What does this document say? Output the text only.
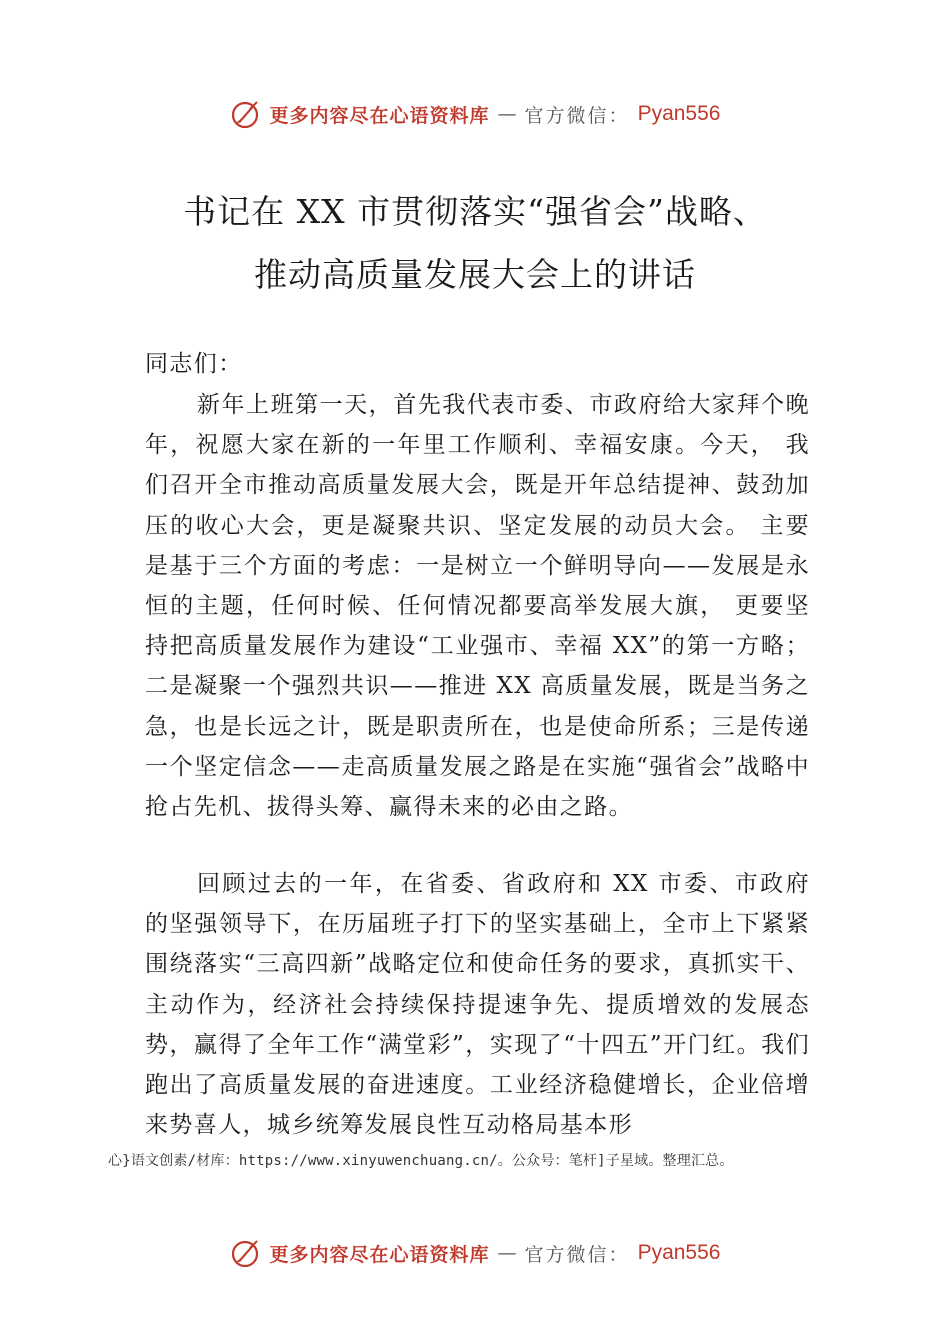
更多内容尽在心语资料库 — 官方微信： Pyan556
书记在 XX 市贯彻落实“强省会”战略、
推动高质量发展大会上的讲话
同志们：
新年上班第一天，首先我代表市委、市政府给大家拜个晚年，祝愿大家在新的一年里工作顺利、幸福安康。今天， 我们召开全市推动高质量发展大会，既是开年总结提神、鼓劲加压的收心大会，更是凝聚共识、坚定发展的动员大会。 主要是基于三个方面的考虑：一是树立一个鲜明导向——发展是永恒的主题，任何时候、任何情况都要高举发展大旗， 更要坚持把高质量发展作为建设“工业强市、幸福 XX”的第一方略；二是凝聚一个强烈共识——推进 XX 高质量发展，既是当务之急，也是长远之计，既是职责所在，也是使命所系；三是传递一个坚定信念——走高质量发展之路是在实施“强省会”战略中抢占先机、拔得头筹、赢得未来的必由之路。
回顾过去的一年，在省委、省政府和 XX 市委、市政府的坚强领导下，在历届班子打下的坚实基础上，全市上下紧紧围绕落实“三高四新”战略定位和使命任务的要求，真抓实干、主动作为，经济社会持续保持提速争先、提质增效的发展态势，赢得了全年工作“满堂彩”，实现了“十四五”开门红。我们跑出了高质量发展的奋进速度。工业经济稳健增长，企业倍增来势喜人，城乡统筹发展良性互动格局基本形
心}语文创素/材库：https://www.xinyuwenchuang.cn/。公众号：笔杆]子星域。整理汇总。
更多内容尽在心语资料库 — 官方微信： Pyan556
